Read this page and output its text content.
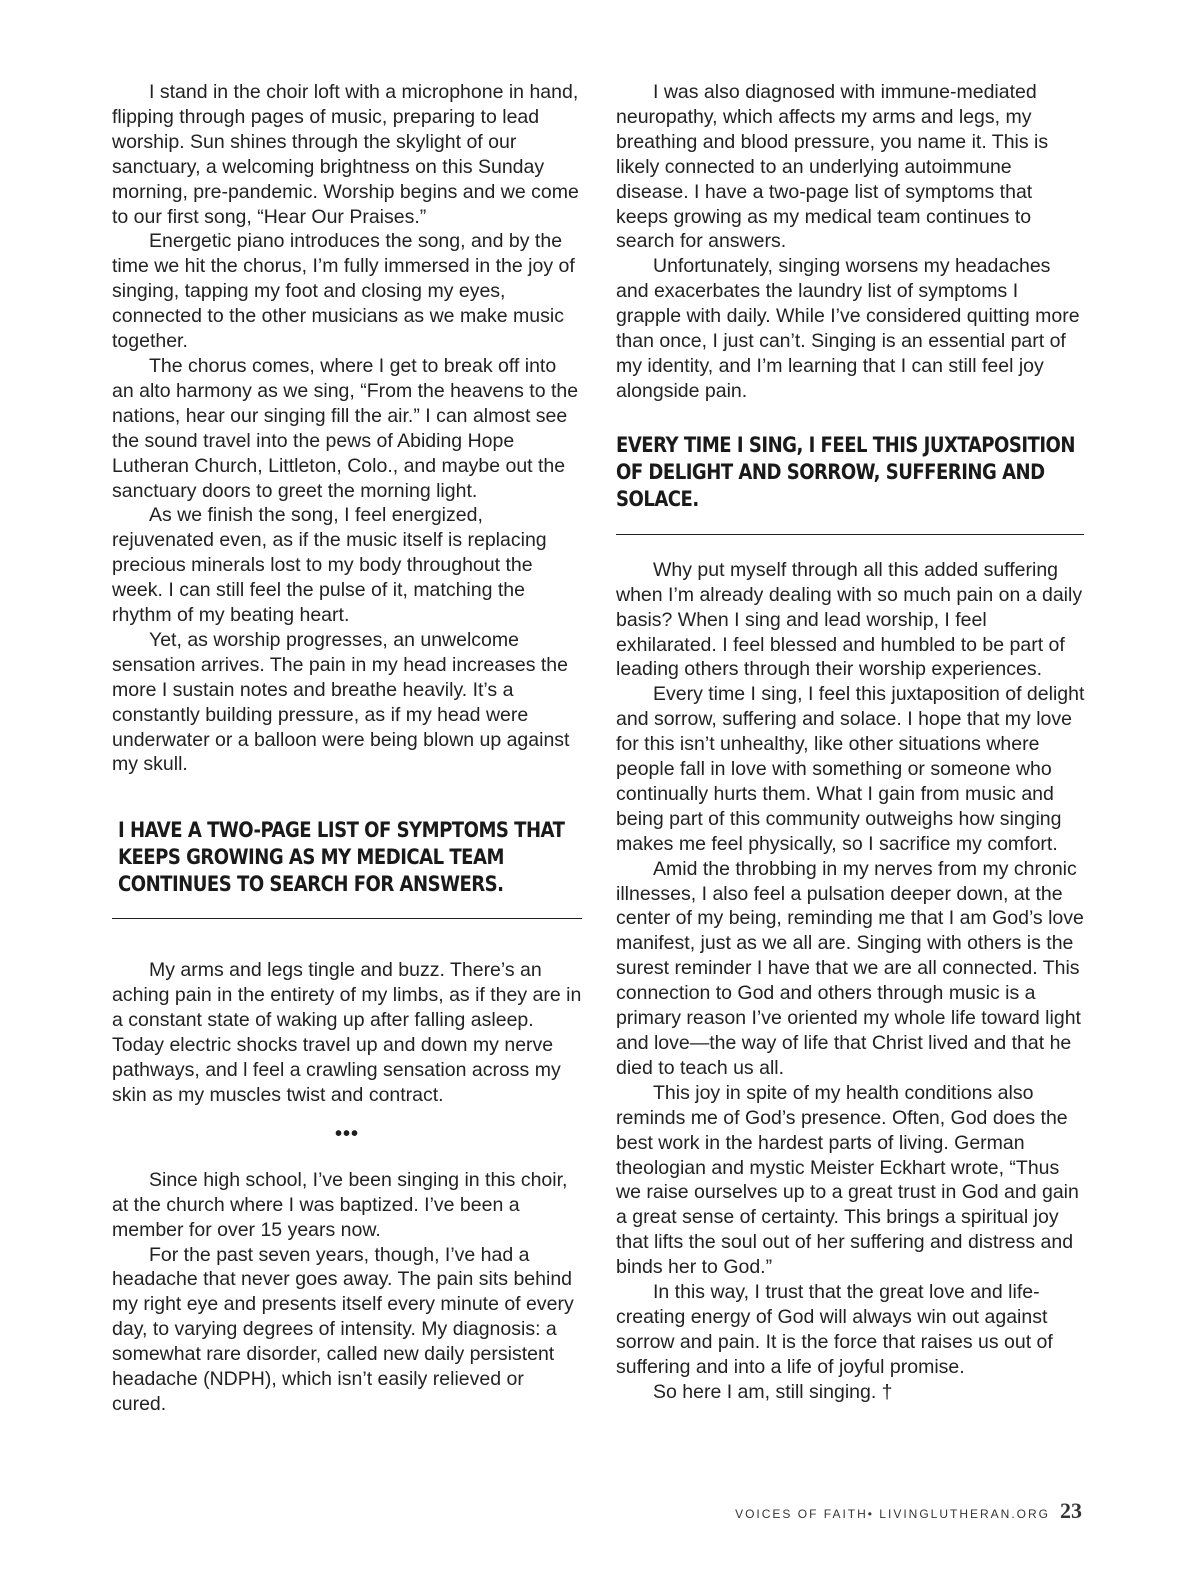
I stand in the choir loft with a microphone in hand, flipping through pages of music, preparing to lead worship. Sun shines through the skylight of our sanctuary, a welcoming brightness on this Sunday morning, pre-pandemic. Worship begins and we come to our first song, “Hear Our Praises.”

Energetic piano introduces the song, and by the time we hit the chorus, I’m fully immersed in the joy of singing, tapping my foot and closing my eyes, connected to the other musicians as we make music together.

The chorus comes, where I get to break off into an alto harmony as we sing, “From the heavens to the nations, hear our singing fill the air.” I can almost see the sound travel into the pews of Abiding Hope Lutheran Church, Littleton, Colo., and maybe out the sanctuary doors to greet the morning light.

As we finish the song, I feel energized, rejuvenated even, as if the music itself is replacing precious minerals lost to my body throughout the week. I can still feel the pulse of it, matching the rhythm of my beating heart.

Yet, as worship progresses, an unwelcome sensation arrives. The pain in my head increases the more I sustain notes and breathe heavily. It’s a constantly building pressure, as if my head were underwater or a balloon were being blown up against my skull.

I HAVE A TWO-PAGE LIST OF SYMPTOMS THAT KEEPS GROWING AS MY MEDICAL TEAM CONTINUES TO SEARCH FOR ANSWERS.

My arms and legs tingle and buzz. There’s an aching pain in the entirety of my limbs, as if they are in a constant state of waking up after falling asleep. Today electric shocks travel up and down my nerve pathways, and l feel a crawling sensation across my skin as my muscles twist and contract.

•••

Since high school, I’ve been singing in this choir, at the church where I was baptized. I’ve been a member for over 15 years now.

For the past seven years, though, I’ve had a headache that never goes away. The pain sits behind my right eye and presents itself every minute of every day, to varying degrees of intensity. My diagnosis: a somewhat rare disorder, called new daily persistent headache (NDPH), which isn’t easily relieved or cured.

I was also diagnosed with immune-mediated neuropathy, which affects my arms and legs, my breathing and blood pressure, you name it. This is likely connected to an underlying autoimmune disease. I have a two-page list of symptoms that keeps growing as my medical team continues to search for answers.

Unfortunately, singing worsens my headaches and exacerbates the laundry list of symptoms I grapple with daily. While I’ve considered quitting more than once, I just can’t. Singing is an essential part of my identity, and I’m learning that I can still feel joy alongside pain.

EVERY TIME I SING, I FEEL THIS JUXTAPOSITION OF DELIGHT AND SORROW, SUFFERING AND SOLACE.

Why put myself through all this added suffering when I’m already dealing with so much pain on a daily basis? When I sing and lead worship, I feel exhilarated. I feel blessed and humbled to be part of leading others through their worship experiences.

Every time I sing, I feel this juxtaposition of delight and sorrow, suffering and solace. I hope that my love for this isn’t unhealthy, like other situations where people fall in love with something or someone who continually hurts them. What I gain from music and being part of this community outweighs how singing makes me feel physically, so I sacrifice my comfort.

Amid the throbbing in my nerves from my chronic illnesses, I also feel a pulsation deeper down, at the center of my being, reminding me that I am God’s love manifest, just as we all are. Singing with others is the surest reminder I have that we are all connected. This connection to God and others through music is a primary reason I’ve oriented my whole life toward light and love—the way of life that Christ lived and that he died to teach us all.

This joy in spite of my health conditions also reminds me of God’s presence. Often, God does the best work in the hardest parts of living. German theologian and mystic Meister Eckhart wrote, “Thus we raise ourselves up to a great trust in God and gain a great sense of certainty. This brings a spiritual joy that lifts the soul out of her suffering and distress and binds her to God.”

In this way, I trust that the great love and life-creating energy of God will always win out against sorrow and pain. It is the force that raises us out of suffering and into a life of joyful promise.

So here I am, still singing. †

VOICES OF FAITH• LIVINGLUTHERAN.ORG 23
